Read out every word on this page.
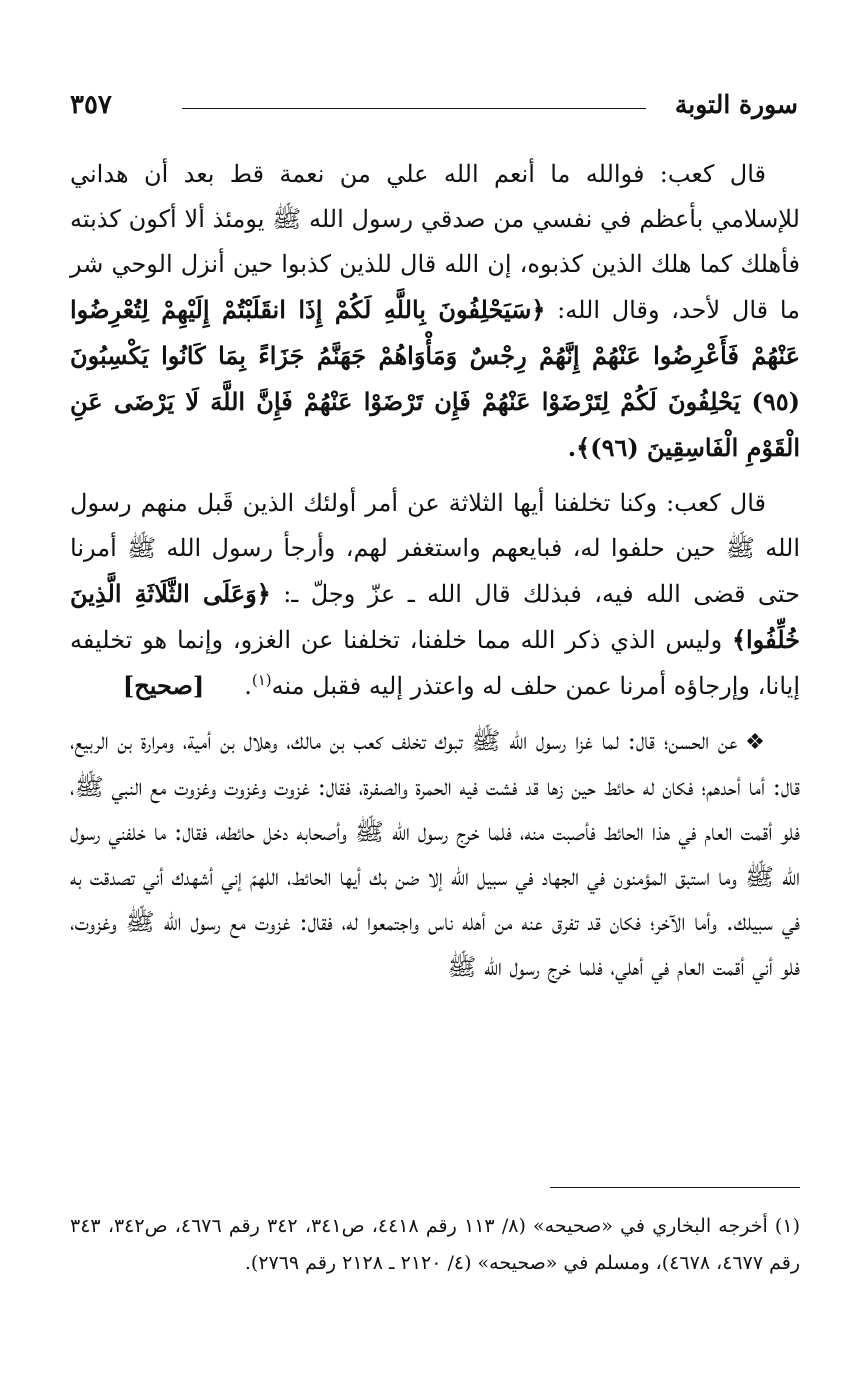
سورة التوبة
٣٥٧

قال كعب: فوالله ما أنعم الله علي من نعمة قط بعد أن هداني للإسلامي بأعظم في نفسي من صدقي رسول الله ﷺ يومئذ ألا أكون كذبته فأهلك كما هلك الذين كذبوه، إن الله قال للذين كذبوا حين أنزل الوحي شر ما قال لأحد، وقال الله: ﴿سَيَحْلِفُونَ بِاللَّهِ لَكُمْ إِذَا انقَلَبْتُمْ إِلَيْهِمْ لِتُعْرِضُوا عَنْهُمْ فَأَعْرِضُوا عَنْهُمْ إِنَّهُمْ رِجْسٌ وَمَأْوَاهُمْ جَهَنَّمُ جَزَاءً بِمَا كَانُوا يَكْسِبُونَ (٩٥) يَحْلِفُونَ لَكُمْ لِتَرْضَوْا عَنْهُمْ فَإِن تَرْضَوْا عَنْهُمْ فَإِنَّ اللَّهَ لَا يَرْضَى عَنِ الْقَوْمِ الْفَاسِقِينَ (٩٦)﴾.

قال كعب: وكنا تخلفنا أيها الثلاثة عن أمر أولئك الذين قَبل منهم رسول الله ﷺ حين حلفوا له، فبايعهم واستغفر لهم، وأرجأ رسول الله ﷺ أمرنا حتى قضى الله فيه، فبذلك قال الله ـ عزّ وجلّ ـ: ﴿وَعَلَى الثَّلَاثَةِ الَّذِينَ خُلِّفُوا﴾ وليس الذي ذكر الله مما خلفنا، تخلفنا عن الغزو، وإنما هو تخليفه إيانا، وإرجاؤه أمرنا عمن حلف له واعتذر إليه فقبل منه$^{(١)}$.[صحيح]

❖ عن الحسن؛ قال: لما غزا رسول الله ﷺ تبوك تخلف كعب بن مالك، وهلال بن أمية، ومرارة بن الربيع، قال: أما أحدهم؛ فكان له حائط حين زها قد فشت فيه الحمرة والصفرة، فقال: غزوت وغزوت وغزوت مع النبي ﷺ، فلو أقمت العام في هذا الحائط فأصبت منه، فلما خرج رسول الله ﷺ وأصحابه دخل حائطه، فقال: ما خلفني رسول الله ﷺ وما استبق المؤمنون في الجهاد في سبيل الله إلا ضن بك أيها الحائط، اللهمّ إني أشهدك أني تصدقت به في سبيلك. وأما الآخر؛ فكان قد تفرق عنه من أهله ناس واجتمعوا له، فقال: غزوت مع رسول الله ﷺ وغزوت، فلو أني أقمت العام في أهلي، فلما خرج رسول الله ﷺ

(١) أخرجه البخاري في «صحيحه» (٨/ ١١٣ رقم ٤٤١٨، ص٣٤١، ٣٤٢ رقم ٤٦٧٦، ص٣٤٢، ٣٤٣ رقم ٤٦٧٧، ٤٦٧٨)، ومسلم في «صحيحه» (٤/ ٢١٢٠ ـ ٢١٢٨ رقم ٢٧٦٩).
